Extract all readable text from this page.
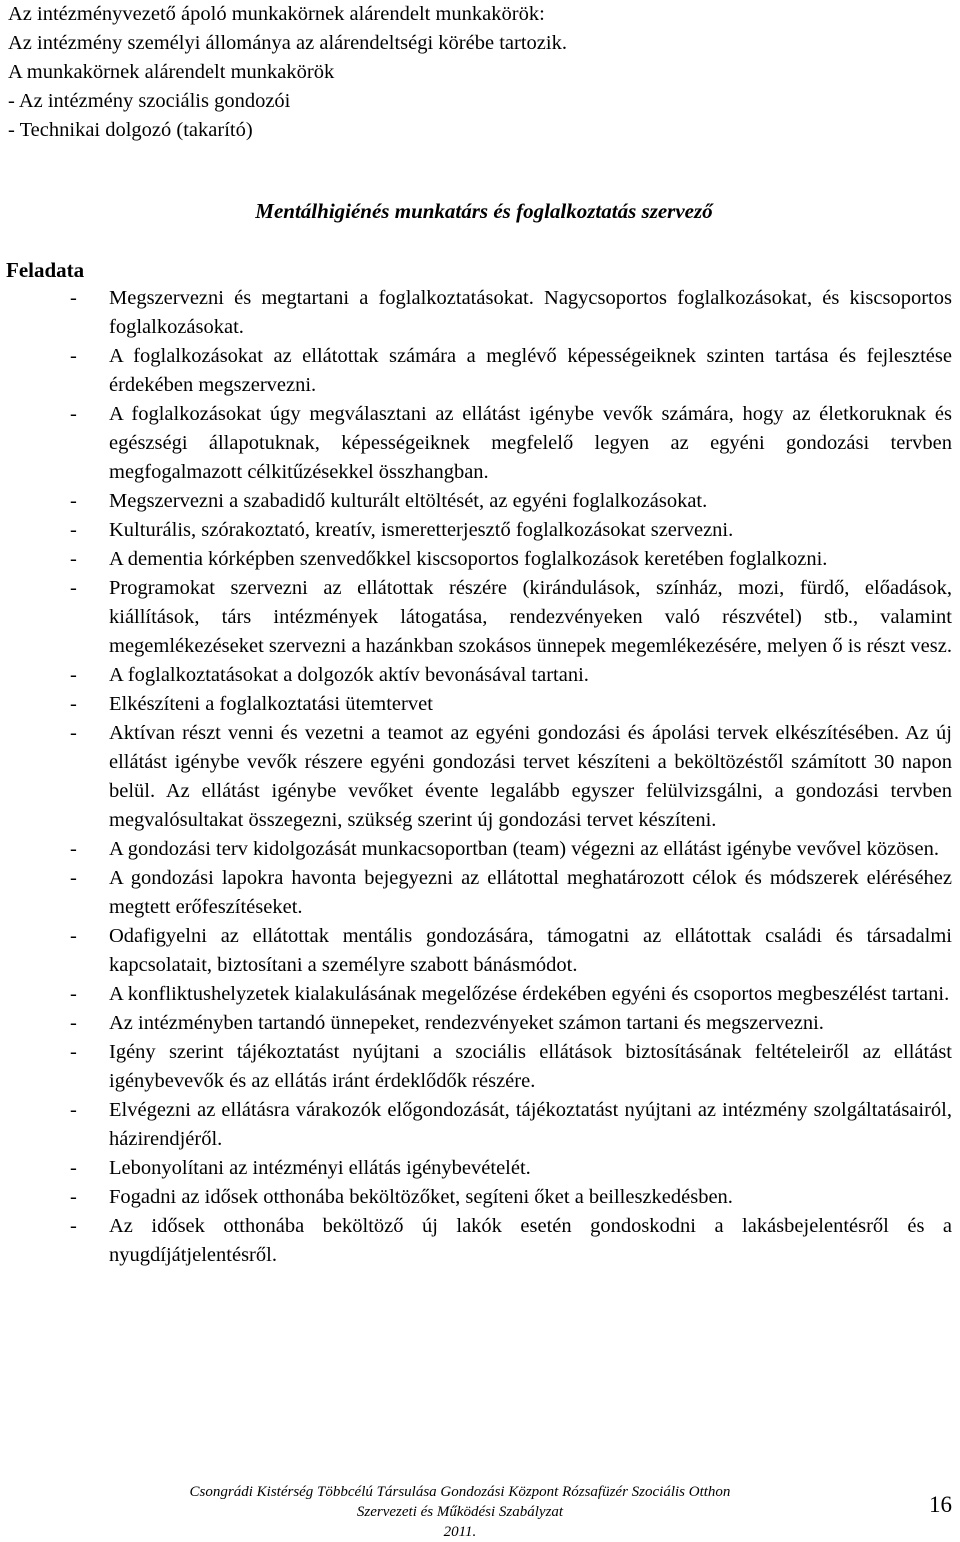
Az intézményvezető ápoló munkakörnek alárendelt munkakörök:
Az intézmény személyi állománya az alárendeltségi körébe tartozik.
A munkakörnek alárendelt munkakörök
- Az intézmény szociális gondozói
- Technikai dolgozó (takarító)
Mentálhigiénés munkatárs és foglalkoztatás szervező
Feladata
- Megszervezni és megtartani a foglalkoztatásokat. Nagycsoportos foglalkozásokat, és kiscsoportos foglalkozásokat.
- A foglalkozásokat az ellátottak számára a meglévő képességeiknek szinten tartása és fejlesztése érdekében megszervezni.
- A foglalkozásokat úgy megválasztani az ellátást igénybe vevők számára, hogy az életkoruknak és egészségi állapotuknak, képességeiknek megfelelő legyen az egyéni gondozási tervben megfogalmazott célkitűzésekkel összhangban.
- Megszervezni a szabadidő kulturált eltöltését, az egyéni foglalkozásokat.
- Kulturális, szórakoztató, kreatív, ismeretterjesztő foglalkozásokat szervezni.
- A dementia kórképben szenvedőkkel kiscsoportos foglalkozások keretében foglalkozni.
- Programokat szervezni az ellátottak részére (kirándulások, színház, mozi, fürdő, előadások, kiállítások, társ intézmények látogatása, rendezvényeken való részvétel) stb., valamint megemlékezéseket szervezni a hazánkban szokásos ünnepek megemlékezésére, melyen ő is részt vesz.
- A foglalkoztatásokat a dolgozók aktív bevonásával tartani.
- Elkészíteni a foglalkoztatási ütemtervet
- Aktívan részt venni és vezetni a teamot az egyéni gondozási és ápolási tervek elkészítésében. Az új ellátást igénybe vevők részere egyéni gondozási tervet készíteni a beköltözéstől számított 30 napon belül. Az ellátást igénybe vevőket évente legalább egyszer felülvizsgálni, a gondozási tervben megvalósultakat összegezni, szükség szerint új gondozási tervet készíteni.
- A gondozási terv kidolgozását munkacsoportban (team) végezni az ellátást igénybe vevővel közösen.
- A gondozási lapokra havonta bejegyezni az ellátottal meghatározott célok és módszerek eléréséhez megtett erőfeszítéseket.
- Odafigyelni az ellátottak mentális gondozására, támogatni az ellátottak családi és társadalmi kapcsolatait, biztosítani a személyre szabott bánásmódot.
- A konfliktushelyzetek kialakulásának megelőzése érdekében egyéni és csoportos megbeszélést tartani.
- Az intézményben tartandó ünnepeket, rendezvényeket számon tartani és megszervezni.
- Igény szerint tájékoztatást nyújtani a szociális ellátások biztosításának feltételeiről az ellátást igénybevevők és az ellátás iránt érdeklődők részére.
- Elvégezni az ellátásra várakozók előgondozását, tájékoztatást nyújtani az intézmény szolgáltatásairól, házirendjéről.
- Lebonyolítani az intézményi ellátás igénybevételét.
- Fogadni az idősek otthonába beköltözőket, segíteni őket a beilleszkedésben.
- Az idősek otthonába beköltöző új lakók esetén gondoskodni a lakásbejelentésről és a nyugdíjátjelentésről.
Csongrádi Kistérség Többcélú Társulása Gondozási Központ Rózsafüzér Szociális Otthon
Szervezeti és Működési Szabályzat
2011.
16
